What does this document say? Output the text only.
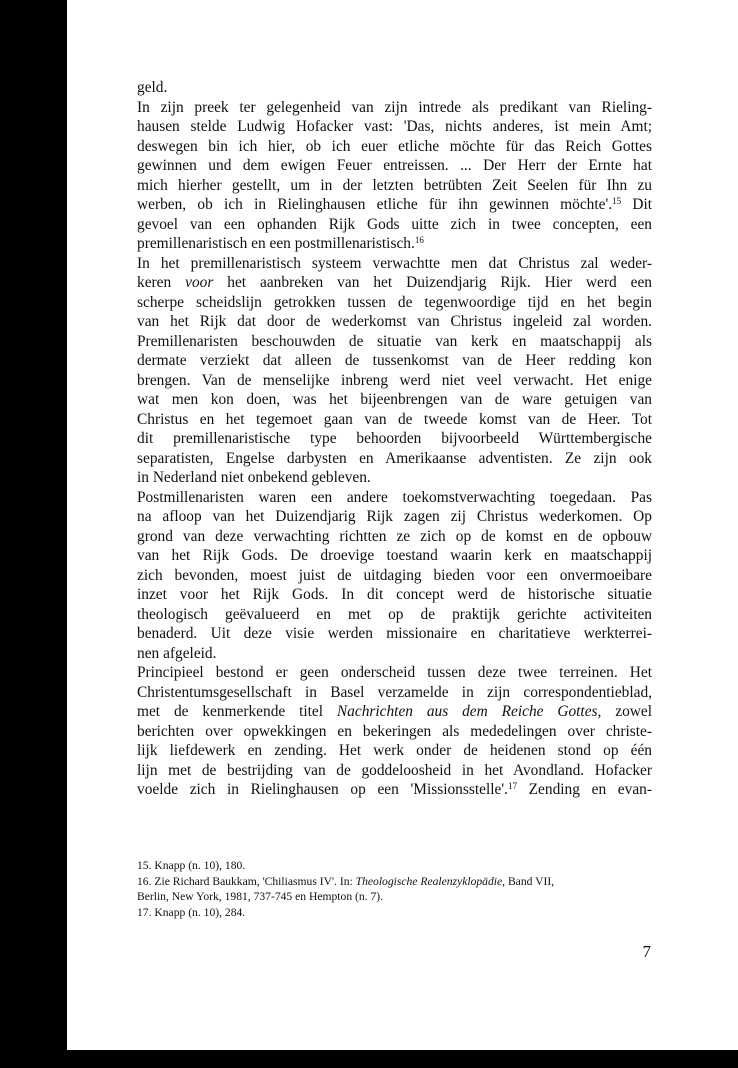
geld.
In zijn preek ter gelegenheid van zijn intrede als predikant van Rieling-
hausen stelde Ludwig Hofacker vast: 'Das, nichts anderes, ist mein Amt;
deswegen bin ich hier, ob ich euer etliche möchte für das Reich Gottes
gewinnen und dem ewigen Feuer entreissen. ... Der Herr der Ernte hat
mich hierher gestellt, um in der letzten betrübten Zeit Seelen für Ihn zu
werben, ob ich in Rielinghausen etliche für ihn gewinnen möchte'.$^{15}$ Dit
gevoel van een ophanden Rijk Gods uitte zich in twee concepten, een
premillenaristisch en een postmillenaristisch.$^{16}$
In het premillenaristisch systeem verwachtte men dat Christus zal weder-
keren voor het aanbreken van het Duizendjarig Rijk. Hier werd een
scherpe scheidslijn getrokken tussen de tegenwoordige tijd en het begin
van het Rijk dat door de wederkomst van Christus ingeleid zal worden.
Premillenaristen beschouwden de situatie van kerk en maatschappij als
dermate verziekt dat alleen de tussenkomst van de Heer redding kon
brengen. Van de menselijke inbreng werd niet veel verwacht. Het enige
wat men kon doen, was het bijeenbrengen van de ware getuigen van
Christus en het tegemoet gaan van de tweede komst van de Heer. Tot
dit premillenaristische type behoorden bijvoorbeeld Württembergische
separatisten, Engelse darbysten en Amerikaanse adventisten. Ze zijn ook
in Nederland niet onbekend gebleven.
Postmillenaristen waren een andere toekomstverwachting toegedaan. Pas
na afloop van het Duizendjarig Rijk zagen zij Christus wederkomen. Op
grond van deze verwachting richtten ze zich op de komst en de opbouw
van het Rijk Gods. De droevige toestand waarin kerk en maatschappij
zich bevonden, moest juist de uitdaging bieden voor een onvermoeibare
inzet voor het Rijk Gods. In dit concept werd de historische situatie
theologisch geëvalueerd en met op de praktijk gerichte activiteiten
benaderd. Uit deze visie werden missionaire en charitatieve werkterrei-
nen afgeleid.
Principieel bestond er geen onderscheid tussen deze twee terreinen. Het
Christentumsgesellschaft in Basel verzamelde in zijn correspondentieblad,
met de kenmerkende titel Nachrichten aus dem Reiche Gottes, zowel
berichten over opwekkingen en bekeringen als mededelingen over christe-
lijk liefdewerk en zending. Het werk onder de heidenen stond op één
lijn met de bestrijding van de goddeloosheid in het Avondland. Hofacker
voelde zich in Rielinghausen op een 'Missionsstelle'.$^{17}$ Zending en evan-

15. Knapp (n. 10), 180.

16. Zie Richard Baukkam, 'Chiliasmus IV'. In: Theologische Realenzyklopädie, Band VII,

Berlin, New York, 1981, 737-745 en Hempton (n. 7).

17. Knapp (n. 10), 284.

7
